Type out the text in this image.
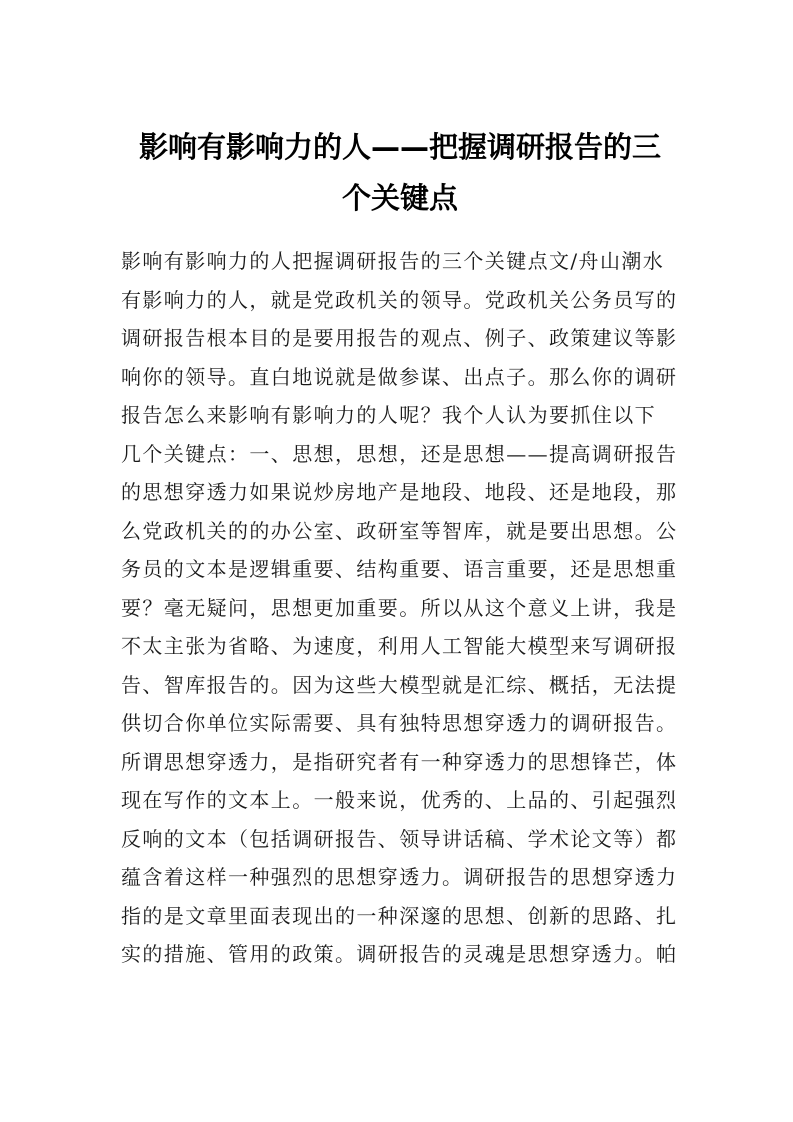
影响有影响力的人——把握调研报告的三
个关键点
影响有影响力的人把握调研报告的三个关键点文/舟山潮水
有影响力的人，就是党政机关的领导。党政机关公务员写的
调研报告根本目的是要用报告的观点、例子、政策建议等影
响你的领导。直白地说就是做参谋、出点子。那么你的调研
报告怎么来影响有影响力的人呢？我个人认为要抓住以下
几个关键点：一、思想，思想，还是思想——提高调研报告
的思想穿透力如果说炒房地产是地段、地段、还是地段，那
么党政机关的的办公室、政研室等智库，就是要出思想。公
务员的文本是逻辑重要、结构重要、语言重要，还是思想重
要？毫无疑问，思想更加重要。所以从这个意义上讲，我是
不太主张为省略、为速度，利用人工智能大模型来写调研报
告、智库报告的。因为这些大模型就是汇综、概括，无法提
供切合你单位实际需要、具有独特思想穿透力的调研报告。
所谓思想穿透力，是指研究者有一种穿透力的思想锋芒，体
现在写作的文本上。一般来说，优秀的、上品的、引起强烈
反响的文本（包括调研报告、领导讲话稿、学术论文等）都
蕴含着这样一种强烈的思想穿透力。调研报告的思想穿透力
指的是文章里面表现出的一种深邃的思想、创新的思路、扎
实的措施、管用的政策。调研报告的灵魂是思想穿透力。帕
